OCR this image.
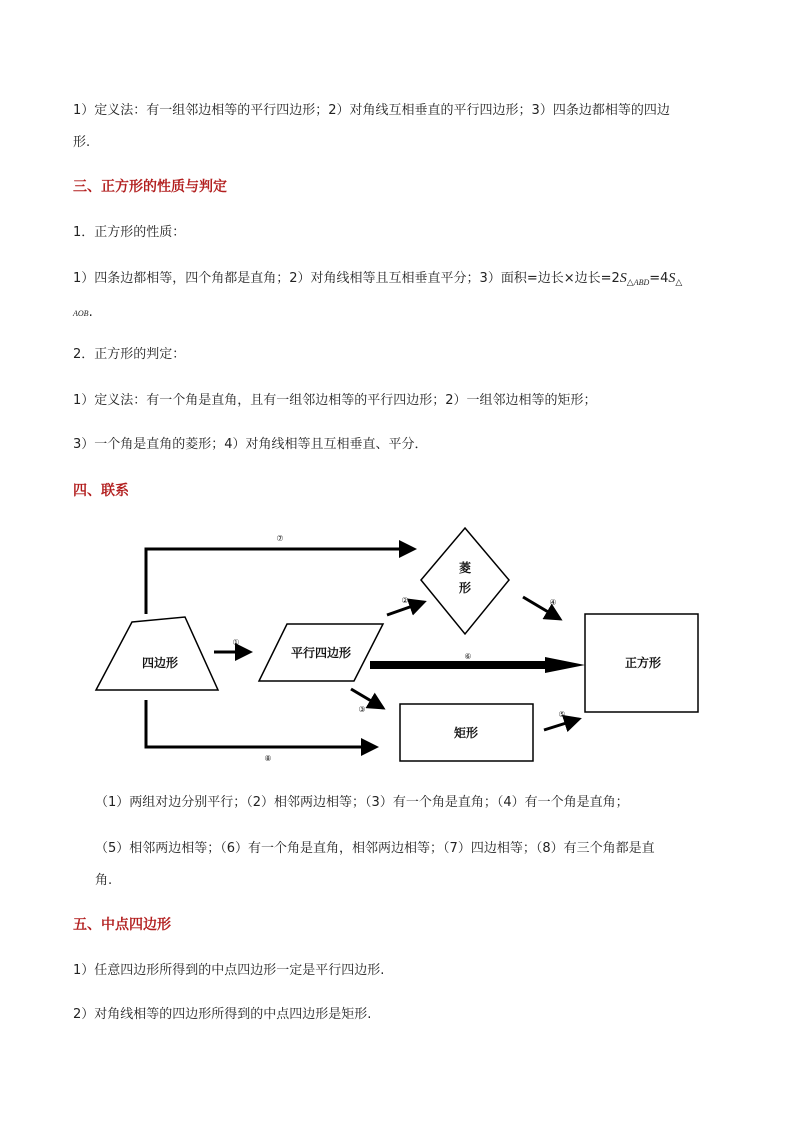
1）定义法：有一组邻边相等的平行四边形；2）对角线互相垂直的平行四边形；3）四条边都相等的四边
形.
三、正方形的性质与判定
1．正方形的性质：
1）四条边都相等，四个角都是直角；2）对角线相等且互相垂直平分；3）面积=边长×边长$=2S_{\triangle ABD}=4S_\triangle$
AOB.
2．正方形的判定：
1）定义法：有一个角是直角，且有一组邻边相等的平行四边形；2）一组邻边相等的矩形；
3）一个角是直角的菱形；4）对角线相等且互相垂直、平分．
四、联系
四边形
平行四边形
菱
形
正方形
矩形
⑦
①
②	④
⑥
③
⑤
⑧
（1）两组对边分别平行；（2）相邻两边相等；（3）有一个角是直角；（4）有一个角是直角；
（5）相邻两边相等；（6）有一个角是直角，相邻两边相等；（7）四边相等；（8）有三个角都是直
角.
五、中点四边形
1）任意四边形所得到的中点四边形一定是平行四边形.
2）对角线相等的四边形所得到的中点四边形是矩形.
